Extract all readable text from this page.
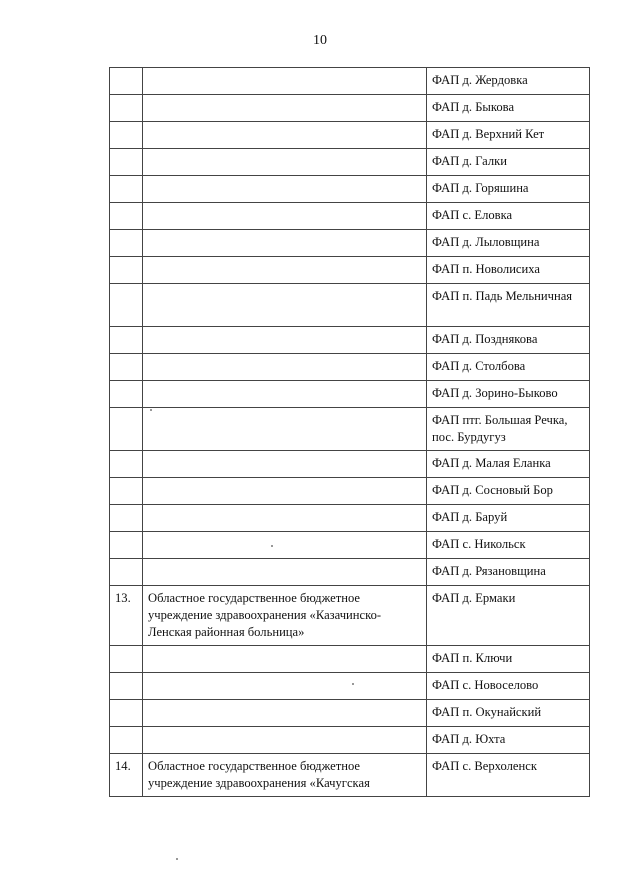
10
		ФАП д. Жердовка
		ФАП д. Быкова
		ФАП д. Верхний Кет
		ФАП д. Галки
		ФАП д. Горяшина
		ФАП с. Еловка
		ФАП д. Лыловщина
		ФАП п. Новолисиха
		ФАП п. Падь Мельничная
		ФАП д. Позднякова
		ФАП д. Столбова
		ФАП д. Зорино-Быково
		ФАП птг. Большая Речка, пос. Бурдугуз
		ФАП д. Малая Еланка
		ФАП д. Сосновый Бор
		ФАП д. Баруй
		ФАП с. Никольск
		ФАП д. Рязановщина
13.	Областное государственное бюджетное учреждение здравоохранения «Казачинско-Ленская районная больница»	ФАП д. Ермаки
		ФАП п. Ключи
		ФАП с. Новоселово
		ФАП п. Окунайский
		ФАП д. Юхта
14.	Областное государственное бюджетное учреждение здравоохранения «Качугская	ФАП с. Верхоленск
